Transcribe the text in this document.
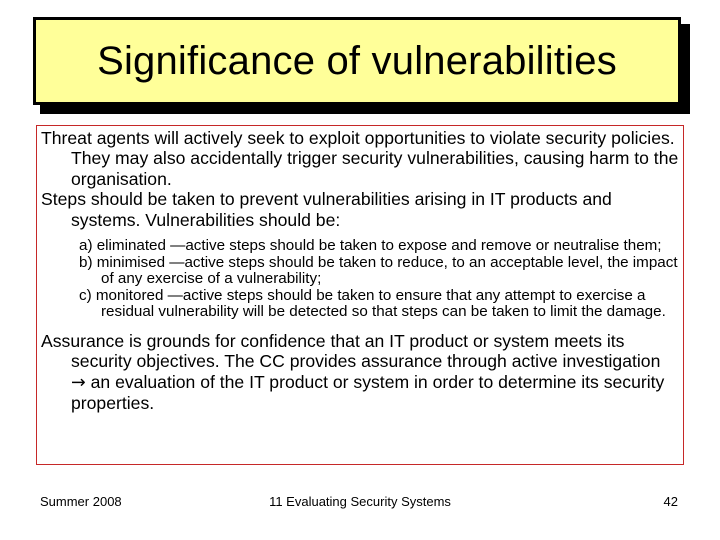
Significance of vulnerabilities

Threat agents will actively seek to exploit opportunities to violate security policies. They may also accidentally trigger security vulnerabilities, causing harm to the organisation.

Steps should be taken to prevent vulnerabilities arising in IT products and systems. Vulnerabilities should be:

a) eliminated —active steps should be taken to expose and remove or neutralise them;

b) minimised —active steps should be taken to reduce, to an acceptable level, the impact of any exercise of a vulnerability;

c) monitored —active steps should be taken to ensure that any attempt to exercise a residual vulnerability will be detected so that steps can be taken to limit the damage.

Assurance is grounds for confidence that an IT product or system meets its security objectives. The CC provides assurance through active investigation → an evaluation of the IT product or system in order to determine its security properties.

Summer 2008	11 Evaluating Security Systems	42
